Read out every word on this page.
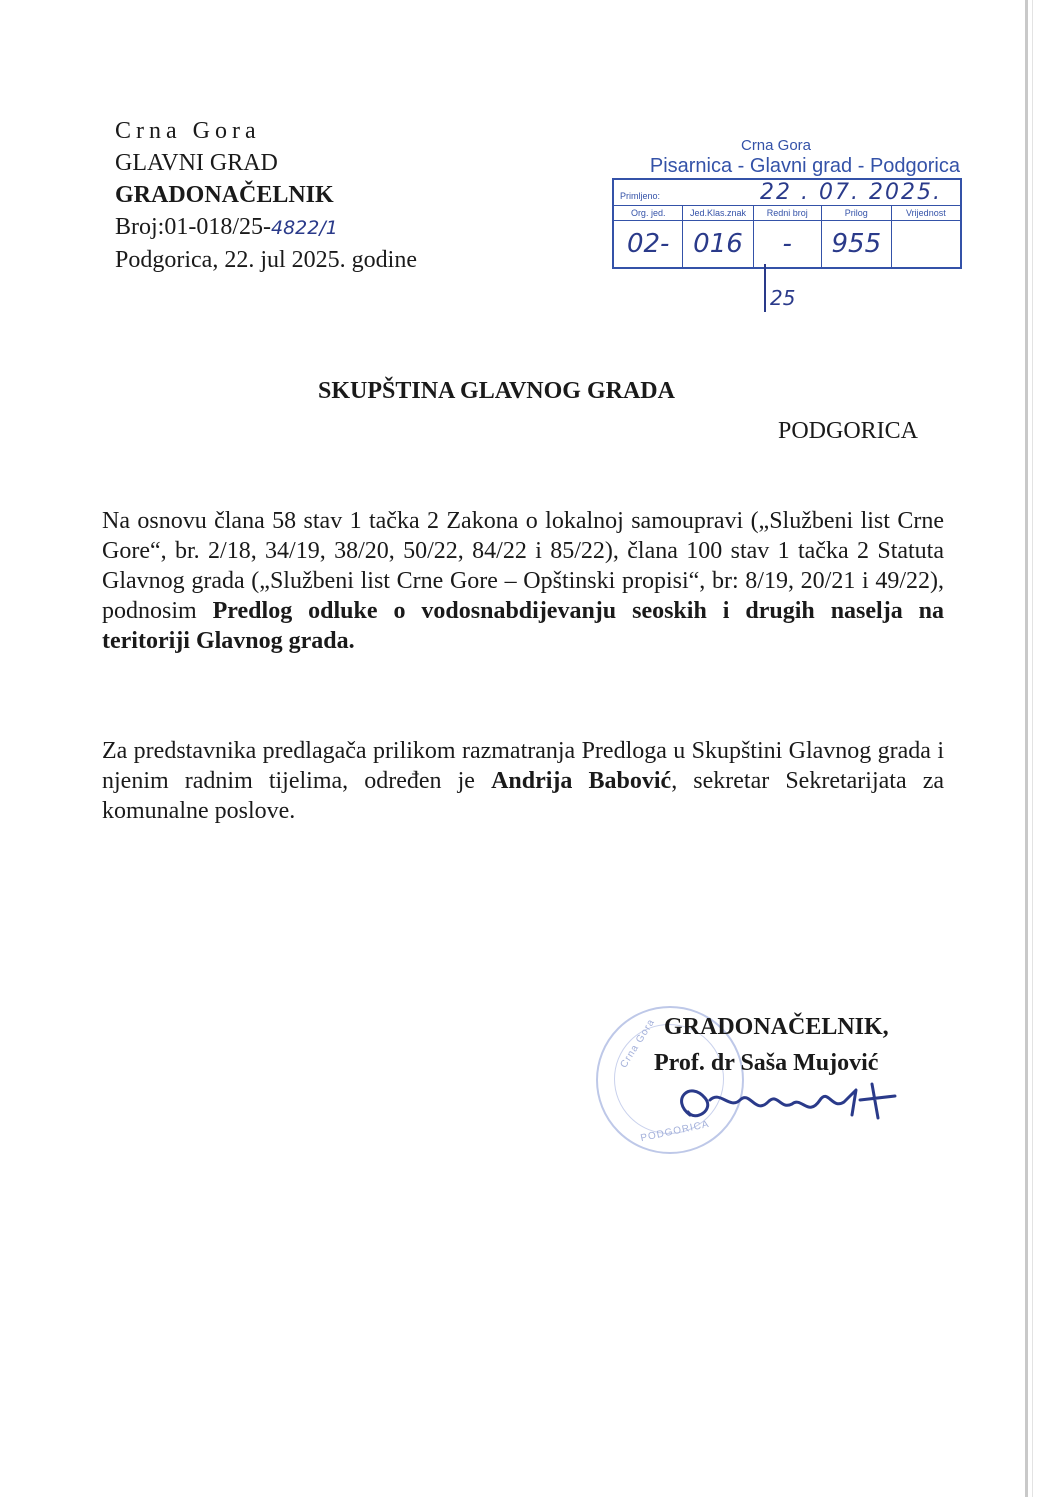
Crna Gora
GLAVNI GRAD
GRADONAČELNIK
Broj:01-018/25-4822/1
Podgorica, 22. jul 2025. godine
Crna Gora
Pisarnica - Glavni grad - Podgorica
Primljeno: 22 . 07. 2025.				
Org. jed.	Jed.Klas.znak	Redni broj	Prilog	Vrijednost
02-	016	-	955	
25
SKUPŠTINA GLAVNOG GRADA
PODGORICA
Na osnovu člana 58 stav 1 tačka 2 Zakona o lokalnoj samoupravi („Službeni list Crne Gore“, br. 2/18, 34/19, 38/20, 50/22, 84/22 i 85/22), člana 100 stav 1 tačka 2 Statuta Glavnog grada („Službeni list Crne Gore – Opštinski propisi“, br: 8/19, 20/21 i 49/22), podnosim Predlog odluke o vodosnabdijevanju seoskih i drugih naselja na teritoriji Glavnog grada.
Za predstavnika predlagača prilikom razmatranja Predloga u Skupštini Glavnog grada i njenim radnim tijelima, određen je Andrija Babović, sekretar Sekretarijata za komunalne poslove.
Crna Gora
PODGORICA
GRADONAČELNIK,
Prof. dr Saša Mujović
